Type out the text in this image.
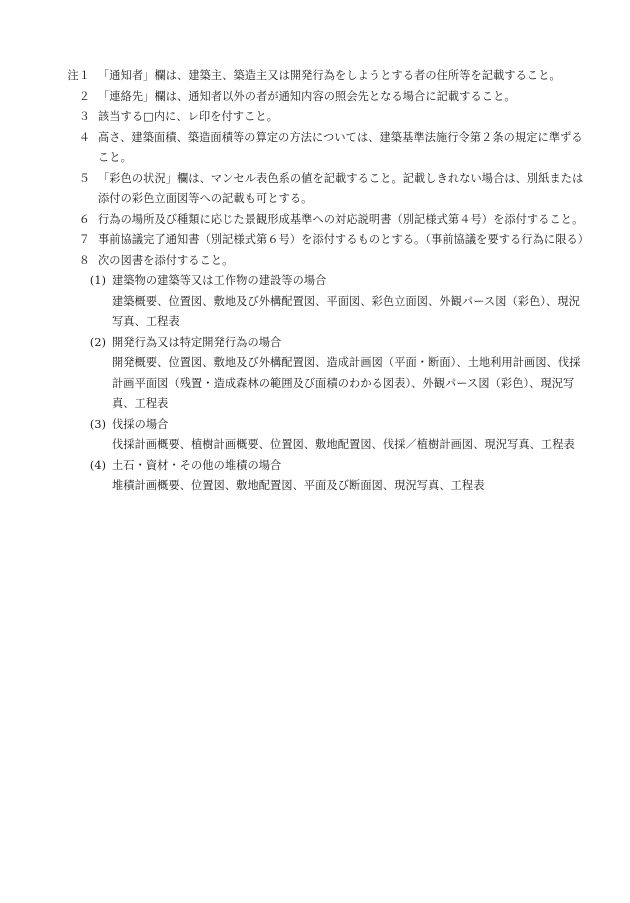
注１ 「通知者」欄は、建築主、築造主又は開発行為をしようとする者の住所等を記載すること。
２ 「連絡先」欄は、通知者以外の者が通知内容の照会先となる場合に記載すること。
３ 該当する□内に、レ印を付すこと。
４ 高さ、建築面積、築造面積等の算定の方法については、建築基準法施行令第２条の規定に準ずること。
５ 「彩色の状況」欄は、マンセル表色系の値を記載すること。記載しきれない場合は、別紙または添付の彩色立面図等への記載も可とする。
６ 行為の場所及び種類に応じた景観形成基準への対応説明書（別記様式第４号）を添付すること。
７ 事前協議完了通知書（別記様式第６号）を添付するものとする。（事前協議を要する行為に限る）
８ 次の図書を添付すること。
(1) 建築物の建築等又は工作物の建設等の場合
建築概要、位置図、敷地及び外構配置図、平面図、彩色立面図、外観パース図（彩色）、現況写真、工程表
(2) 開発行為又は特定開発行為の場合
開発概要、位置図、敷地及び外構配置図、造成計画図（平面・断面）、土地利用計画図、伐採計画平面図（残置・造成森林の範囲及び面積のわかる図表）、外観パース図（彩色）、現況写真、工程表
(3) 伐採の場合
伐採計画概要、植樹計画概要、位置図、敷地配置図、伐採／植樹計画図、現況写真、工程表
(4) 土石・資材・その他の堆積の場合
堆積計画概要、位置図、敷地配置図、平面及び断面図、現況写真、工程表
